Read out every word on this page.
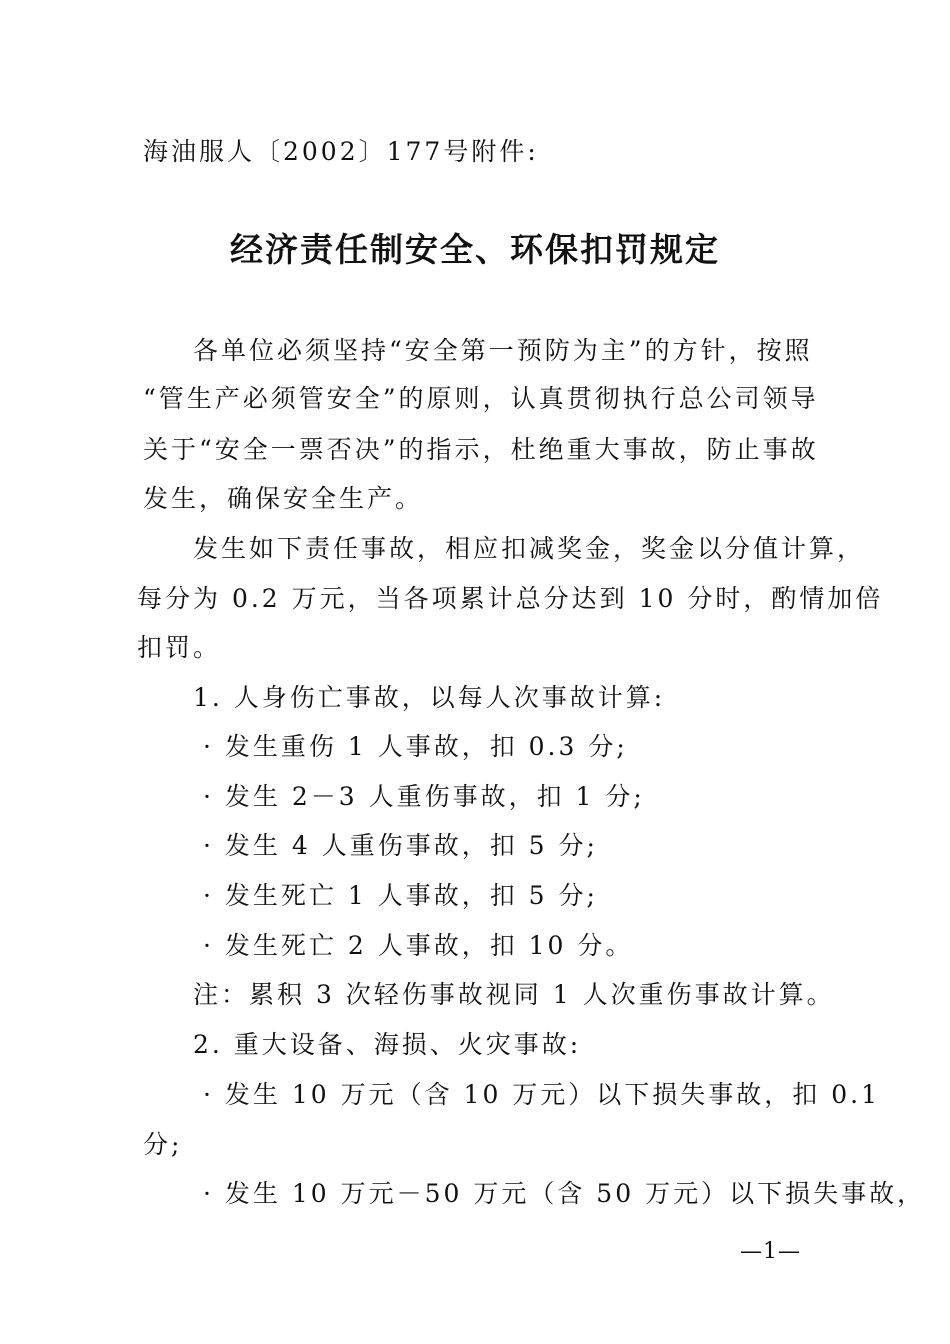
海油服人〔2002〕177号附件:
经济责任制安全、环保扣罚规定
各单位必须坚持“安全第一预防为主”的方针，按照
“管生产必须管安全”的原则，认真贯彻执行总公司领导
关于“安全一票否决”的指示，杜绝重大事故，防止事故
发生，确保安全生产。
发生如下责任事故，相应扣减奖金，奖金以分值计算，
每分为 0.2 万元，当各项累计总分达到 10 分时，酌情加倍
扣罚。
1. 人身伤亡事故，以每人次事故计算:
· 发生重伤 1 人事故，扣 0.3 分;
· 发生 2－3 人重伤事故，扣 1 分;
· 发生 4 人重伤事故，扣 5 分;
· 发生死亡 1 人事故，扣 5 分;
· 发生死亡 2 人事故，扣 10 分。
注：累积 3 次轻伤事故视同 1 人次重伤事故计算。
2. 重大设备、海损、火灾事故:
· 发生 10 万元（含 10 万元）以下损失事故，扣 0.1
分;
· 发生 10 万元－50 万元（含 50 万元）以下损失事故，
—1—
